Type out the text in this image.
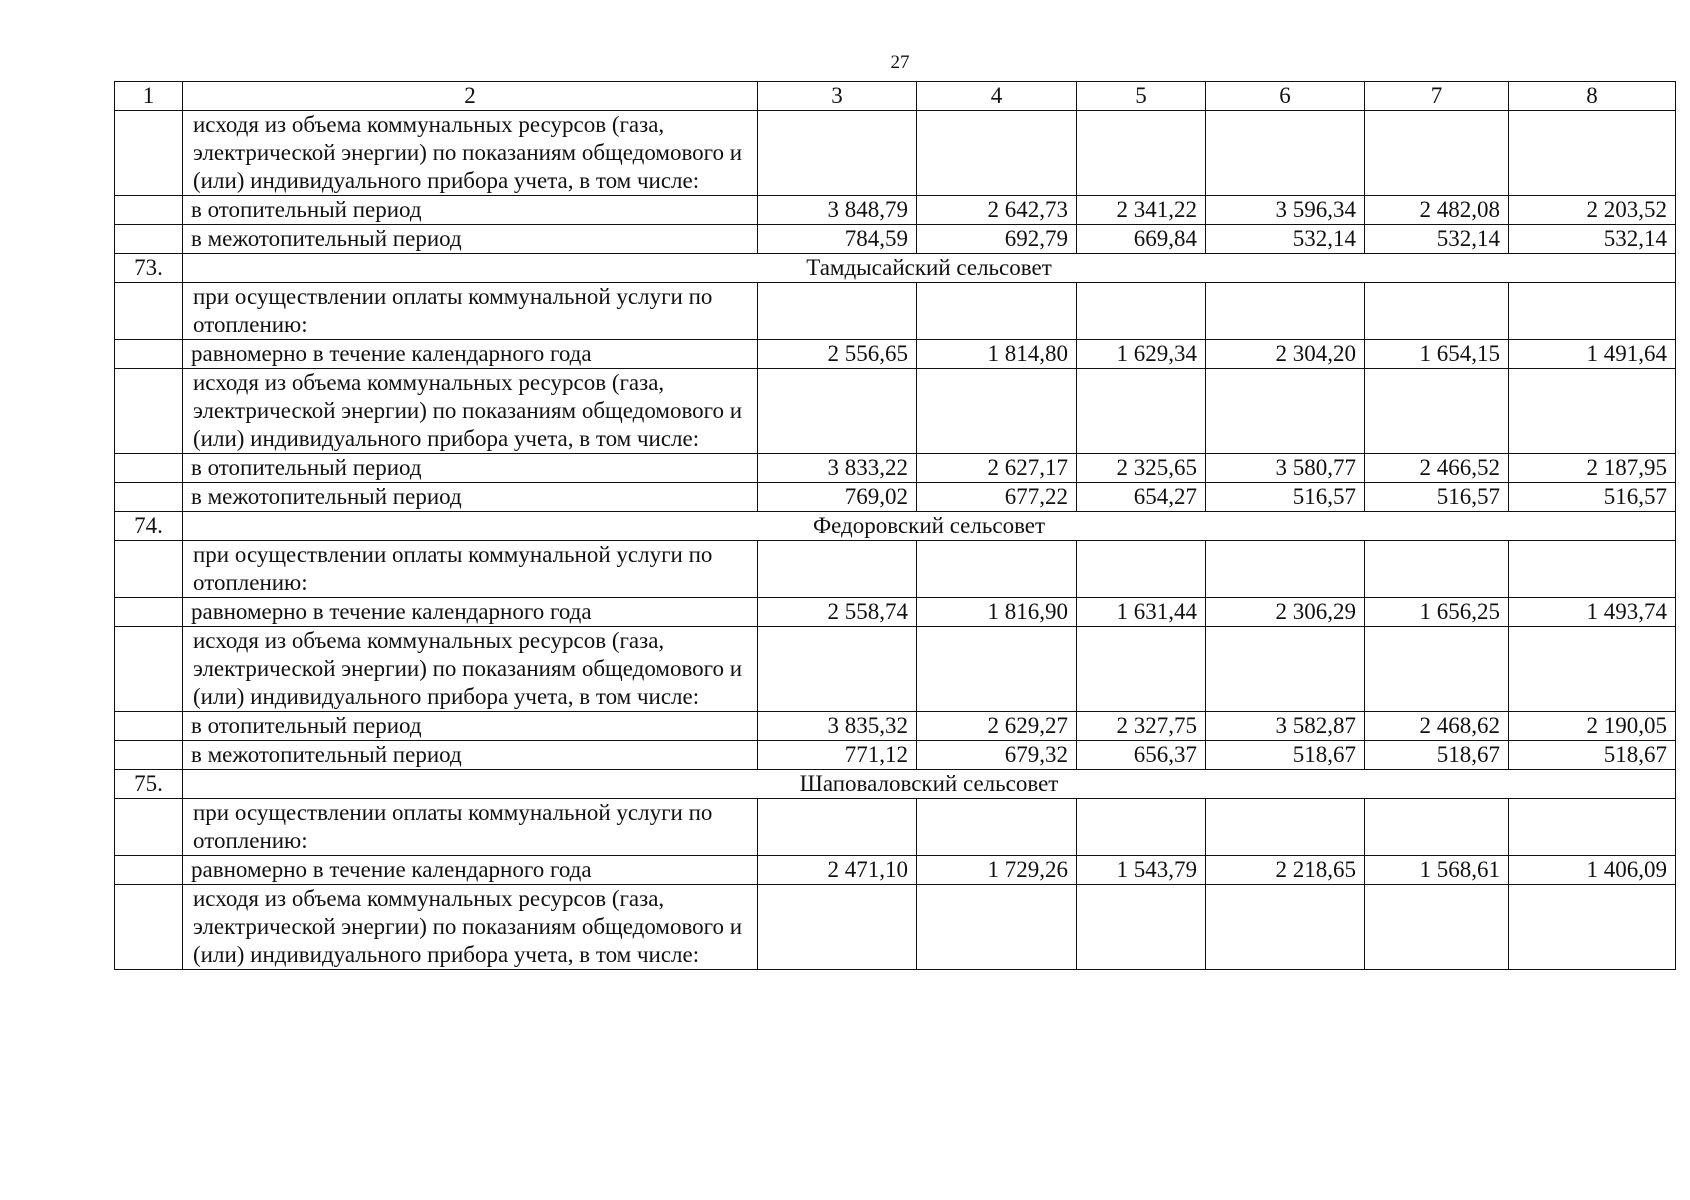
27
1	2	3	4	5	6	7	8
	исходя из объема коммунальных ресурсов (газа, электрической энергии) по показаниям общедомового и (или) индивидуального прибора учета, в том числе:						
	в отопительный период	3 848,79	2 642,73	2 341,22	3 596,34	2 482,08	2 203,52
	в межотопительный период	784,59	692,79	669,84	532,14	532,14	532,14
73.	Тамдысайский сельсовет						
	при осуществлении оплаты коммунальной услуги по отоплению:						
	равномерно в течение календарного года	2 556,65	1 814,80	1 629,34	2 304,20	1 654,15	1 491,64
	исходя из объема коммунальных ресурсов (газа, электрической энергии) по показаниям общедомового и (или) индивидуального прибора учета, в том числе:						
	в отопительный период	3 833,22	2 627,17	2 325,65	3 580,77	2 466,52	2 187,95
	в межотопительный период	769,02	677,22	654,27	516,57	516,57	516,57
74.	Федоровский сельсовет						
	при осуществлении оплаты коммунальной услуги по отоплению:						
	равномерно в течение календарного года	2 558,74	1 816,90	1 631,44	2 306,29	1 656,25	1 493,74
	исходя из объема коммунальных ресурсов (газа, электрической энергии) по показаниям общедомового и (или) индивидуального прибора учета, в том числе:						
	в отопительный период	3 835,32	2 629,27	2 327,75	3 582,87	2 468,62	2 190,05
	в межотопительный период	771,12	679,32	656,37	518,67	518,67	518,67
75.	Шаповаловский сельсовет						
	при осуществлении оплаты коммунальной услуги по отоплению:						
	равномерно в течение календарного года	2 471,10	1 729,26	1 543,79	2 218,65	1 568,61	1 406,09
	исходя из объема коммунальных ресурсов (газа, электрической энергии) по показаниям общедомового и (или) индивидуального прибора учета, в том числе:						
